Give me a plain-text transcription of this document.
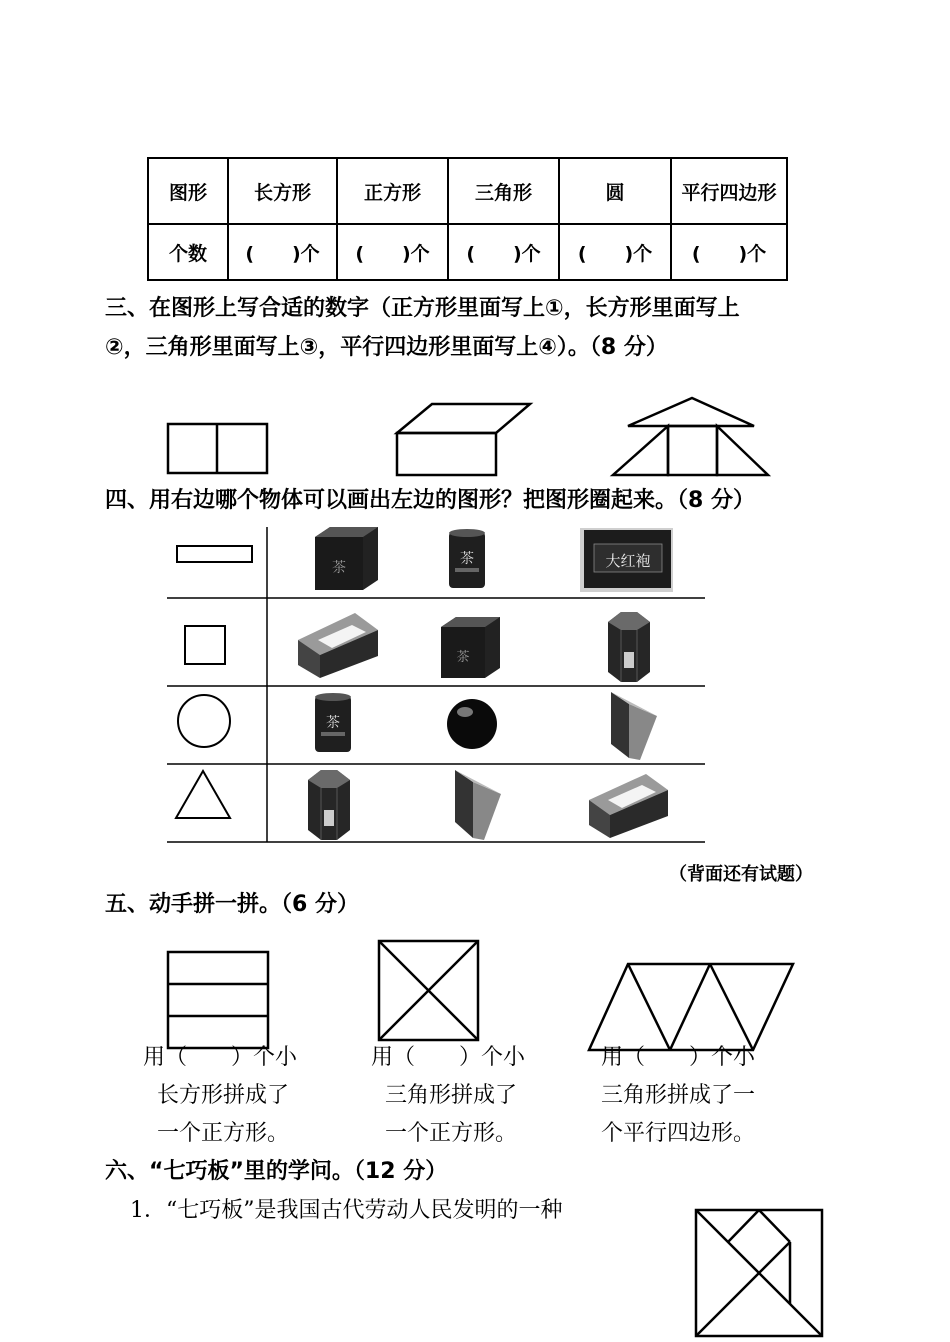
图形	长方形	正方形	三角形	圆	平行四边形
个数	(　　)个	(　　)个	(　　)个	(　　)个	(　　)个
三、在图形上写合适的数字（正方形里面写上①，长方形里面写上
②，三角形里面写上③，平行四边形里面写上④）。（8 分）
四、用右边哪个物体可以画出左边的图形？把图形圈起来。（8 分）
茶
茶	大红袍
茶
茶
（背面还有试题）
五、动手拼一拼。（6 分）
用（　　）个小
长方形拼成了
一个正方形。
用（　　）个小
三角形拼成了
一个正方形。
用（　　）个小
三角形拼成了一
个平行四边形。
六、“七巧板”里的学问。（12 分）
1．“七巧板”是我国古代劳动人民发明的一种
